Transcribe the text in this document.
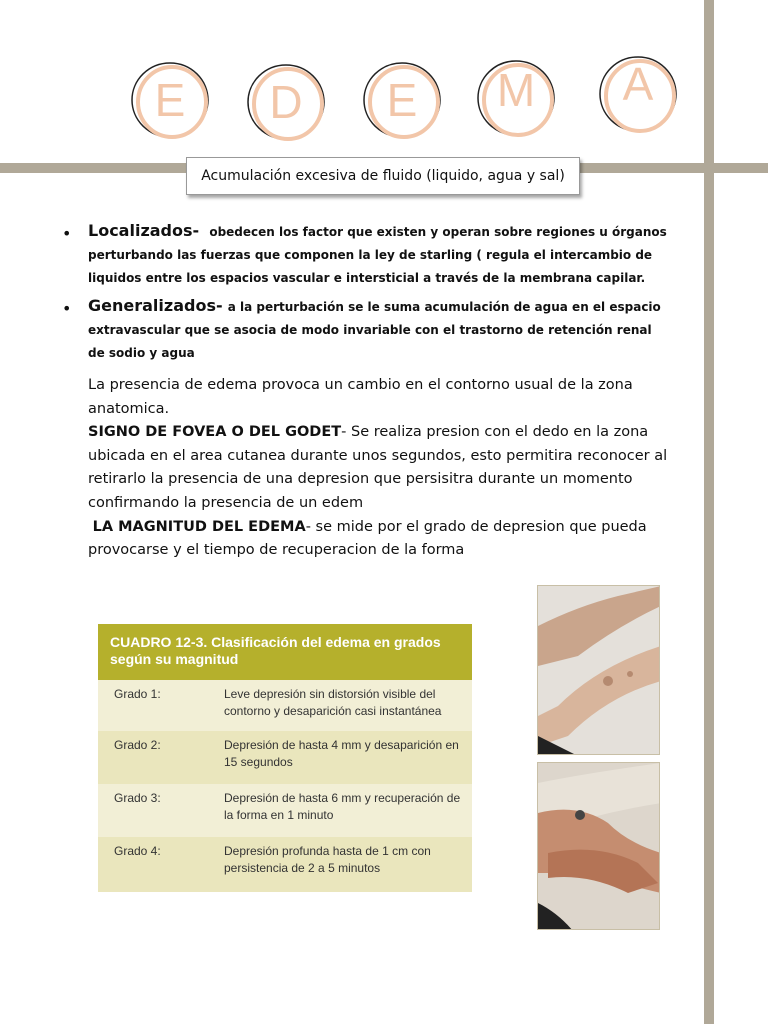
E	D	E	M	A
Acumulación excesiva de fluido (liquido, agua y sal)
• Localizados- obedecen los factor que existen y operan sobre regiones u órganos perturbando las fuerzas que componen la ley de starling ( regula el intercambio de liquidos entre los espacios vascular e intersticial a través de la membrana capilar.

• Generalizados- a la perturbación se le suma acumulación de agua en el espacio extravascular que se asocia de modo invariable con el trastorno de retención renal de sodio y agua

La presencia de edema provoca un cambio en el contorno usual de la zona anatomica.

SIGNO DE FOVEA O DEL GODET- Se realiza presion con el dedo en la zona ubicada en el area cutanea durante unos segundos, esto permitira reconocer al retirarlo la presencia de una depresion que persisitra durante un momento confirmando la presencia de un edem

LA MAGNITUD DEL EDEMA- se mide por el grado de depresion que pueda provocarse y el tiempo de recuperacion de la forma

CUADRO 12-3. Clasificación del edema en grados
según su magnitud
Grado 1:	Leve depresión sin distorsión visible del contorno y desaparición casi instantánea
Grado 2:	Depresión de hasta 4 mm y desaparición en 15 segundos
Grado 3:	Depresión de hasta 6 mm y recuperación de la forma en 1 minuto
Grado 4:	Depresión profunda hasta de 1 cm con persistencia de 2 a 5 minutos
